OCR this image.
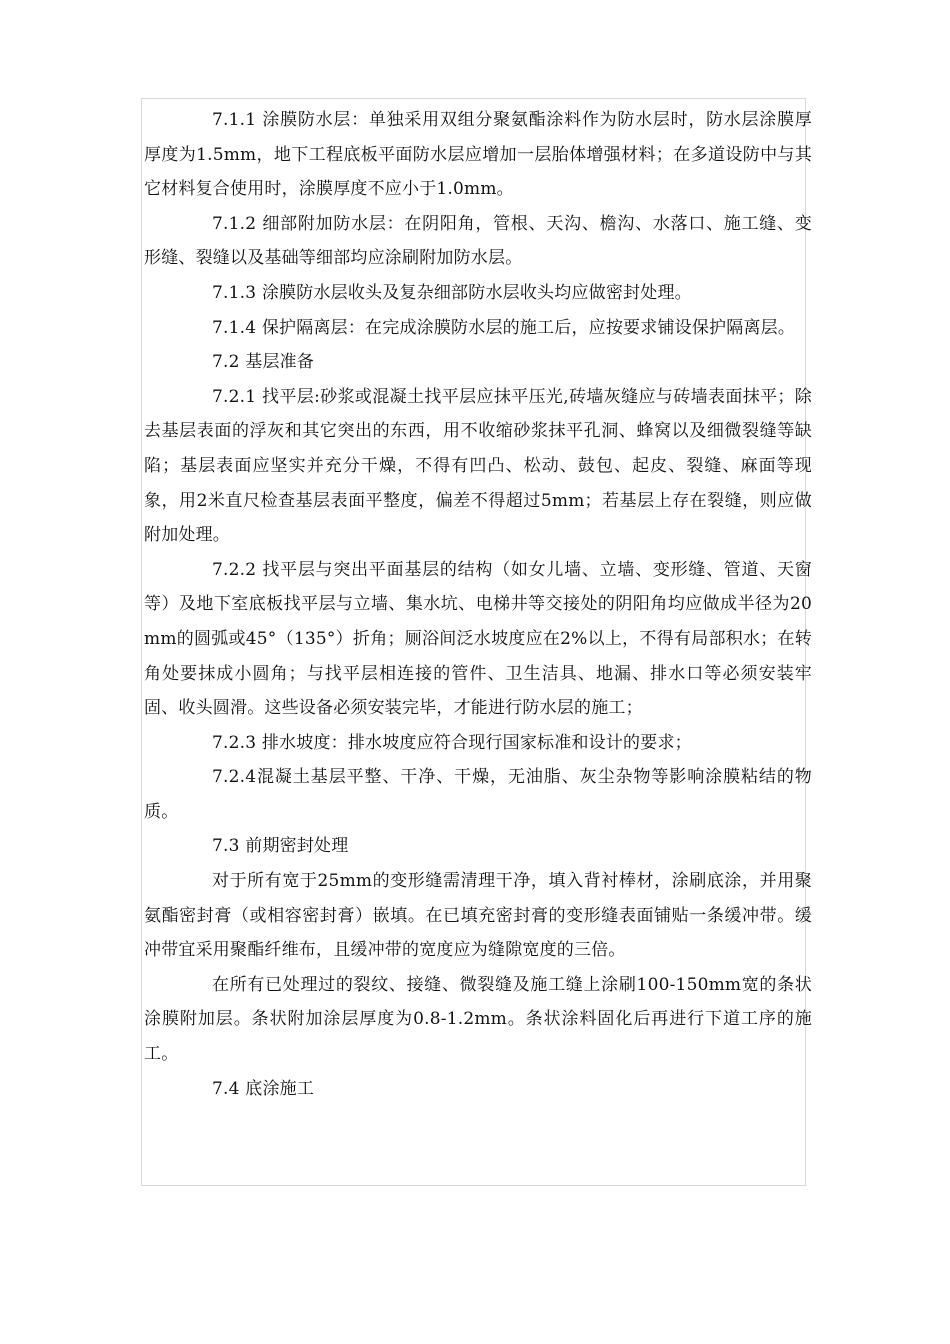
7.1.1 涂膜防水层：单独采用双组分聚氨酯涂料作为防水层时，防水层涂膜厚厚度为1.5mm，地下工程底板平面防水层应增加一层胎体增强材料；在多道设防中与其它材料复合使用时，涂膜厚度不应小于1.0mm。

7.1.2 细部附加防水层：在阴阳角，管根、天沟、檐沟、水落口、施工缝、变形缝、裂缝以及基础等细部均应涂刷附加防水层。

7.1.3 涂膜防水层收头及复杂细部防水层收头均应做密封处理。

7.1.4 保护隔离层：在完成涂膜防水层的施工后，应按要求铺设保护隔离层。

7.2 基层准备

7.2.1 找平层:砂浆或混凝土找平层应抹平压光,砖墙灰缝应与砖墙表面抹平；除去基层表面的浮灰和其它突出的东西，用不收缩砂浆抹平孔洞、蜂窝以及细微裂缝等缺陷；基层表面应坚实并充分干燥，不得有凹凸、松动、鼓包、起皮、裂缝、麻面等现象，用2米直尺检查基层表面平整度，偏差不得超过5mm；若基层上存在裂缝，则应做附加处理。

7.2.2 找平层与突出平面基层的结构（如女儿墙、立墙、变形缝、管道、天窗等）及地下室底板找平层与立墙、集水坑、电梯井等交接处的阴阳角均应做成半径为20mm的圆弧或45°（135°）折角；厕浴间泛水坡度应在2%以上，不得有局部积水；在转角处要抹成小圆角；与找平层相连接的管件、卫生洁具、地漏、排水口等必须安装牢固、收头圆滑。这些设备必须安装完毕，才能进行防水层的施工；

7.2.3 排水坡度：排水坡度应符合现行国家标准和设计的要求；

7.2.4混凝土基层平整、干净、干燥，无油脂、灰尘杂物等影响涂膜粘结的物质。

7.3 前期密封处理

对于所有宽于25mm的变形缝需清理干净，填入背衬棒材，涂刷底涂，并用聚氨酯密封膏（或相容密封膏）嵌填。在已填充密封膏的变形缝表面铺贴一条缓冲带。缓冲带宜采用聚酯纤维布，且缓冲带的宽度应为缝隙宽度的三倍。

在所有已处理过的裂纹、接缝、微裂缝及施工缝上涂刷100-150mm宽的条状涂膜附加层。条状附加涂层厚度为0.8-1.2mm。条状涂料固化后再进行下道工序的施工。

7.4 底涂施工
